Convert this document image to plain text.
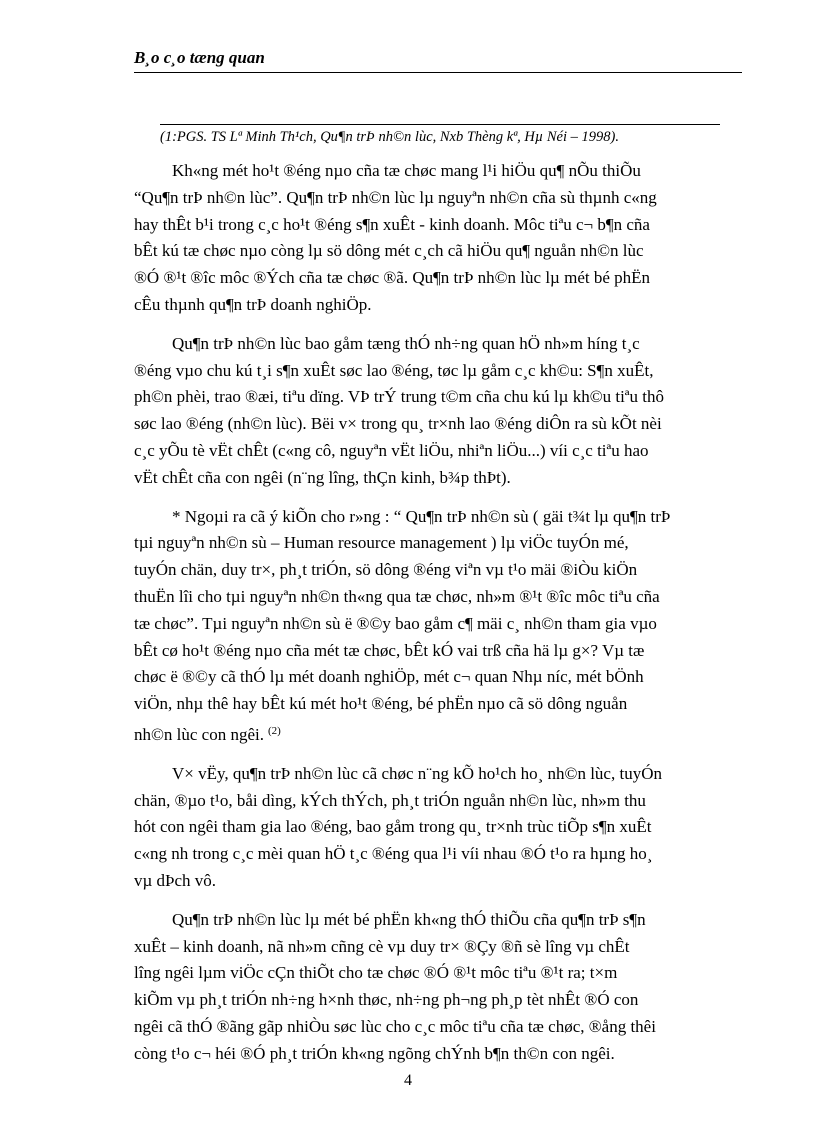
B¸o c¸o tæng quan
(1:PGS. TS Lª Minh Th¹ch, Qu¶n trÞ nh©n lùc, Nxb Thèng kª, Hµ Néi – 1998).

Kh«ng mét ho¹t ®éng nµo cña tæ chøc mang l¹i hiÖu qu¶ nÕu thiÕu
“Qu¶n trÞ nh©n lùc”. Qu¶n trÞ nh©n lùc lµ nguyªn nh©n cña sù thµnh c«ng
hay thÊt b¹i trong c¸c ho¹t ®éng s¶n xuÊt - kinh doanh. Môc tiªu c¬ b¶n cña
bÊt kú tæ chøc nµo còng lµ sö dông mét c¸ch cã hiÖu qu¶ nguån nh©n lùc
®Ó ®¹t ®îc môc ®Ých cña tæ chøc ®ã. Qu¶n trÞ nh©n lùc lµ mét bé phËn
cÊu thµnh qu¶n trÞ doanh nghiÖp.

Qu¶n trÞ nh©n lùc bao gåm tæng thÓ nh÷ng quan hÖ nh»m híng t¸c
®éng vµo chu kú t¸i s¶n xuÊt søc lao ®éng, tøc lµ gåm c¸c kh©u: S¶n xuÊt,
ph©n phèi, trao ®æi, tiªu dïng. VÞ trÝ trung t©m cña chu kú lµ kh©u tiªu thô
søc lao ®éng (nh©n lùc). Bëi v× trong qu¸ tr×nh lao ®éng diÔn ra sù kÕt nèi
c¸c yÕu tè vËt chÊt (c«ng cô, nguyªn vËt liÖu, nhiªn liÖu...) víi c¸c tiªu hao
vËt chÊt cña con ngêi (n¨ng lîng, thÇn kinh, b¾p thÞt).

* Ngoµi ra cã ý kiÕn cho r»ng : “ Qu¶n trÞ nh©n sù ( gäi t¾t lµ qu¶n trÞ
tµi nguyªn nh©n sù – Human resource management ) lµ viÖc tuyÓn mé,
tuyÓn chän, duy tr×, ph¸t triÓn, sö dông ®éng viªn vµ t¹o mäi ®iÒu kiÖn
thuËn lîi cho tµi nguyªn nh©n th«ng qua tæ chøc, nh»m ®¹t ®îc môc tiªu cña
tæ chøc”. Tµi nguyªn nh©n sù ë ®©y bao gåm c¶ mäi c¸ nh©n tham gia vµo
bÊt cø ho¹t ®éng nµo cña mét tæ chøc, bÊt kÓ vai trß cña hä lµ g×? Vµ tæ
chøc ë ®©y cã thÓ lµ mét doanh nghiÖp, mét c¬ quan Nhµ níc, mét bÖnh
viÖn, nhµ thê hay bÊt kú mét ho¹t ®éng, bé phËn nµo cã sö dông nguån
nh©n lùc con ngêi. $^{(2)}$

V× vËy, qu¶n trÞ nh©n lùc cã chøc n¨ng kÕ ho¹ch ho¸ nh©n lùc, tuyÓn
chän, ®µo t¹o, båi dìng, kÝch thÝch, ph¸t triÓn nguån nh©n lùc, nh»m thu
hót con ngêi tham gia lao ®éng, bao gåm trong qu¸ tr×nh trùc tiÕp s¶n xuÊt
c«ng nh trong c¸c mèi quan hÖ t¸c ®éng qua l¹i víi nhau ®Ó t¹o ra hµng ho¸
vµ dÞch vô.

Qu¶n trÞ nh©n lùc lµ mét bé phËn kh«ng thÓ thiÕu cña qu¶n trÞ s¶n
xuÊt – kinh doanh, nã nh»m cñng cè vµ duy tr× ®Çy ®ñ sè lîng vµ chÊt
lîng ngêi lµm viÖc cÇn thiÕt cho tæ chøc ®Ó ®¹t môc tiªu ®¹t ra; t×m
kiÕm vµ ph¸t triÓn nh÷ng h×nh thøc, nh÷ng ph¬ng ph¸p tèt nhÊt ®Ó con
ngêi cã thÓ ®ãng gãp nhiÒu søc lùc cho c¸c môc tiªu cña tæ chøc, ®ång thêi
còng t¹o c¬ héi ®Ó ph¸t triÓn kh«ng ngõng chÝnh b¶n th©n con ngêi.

4
